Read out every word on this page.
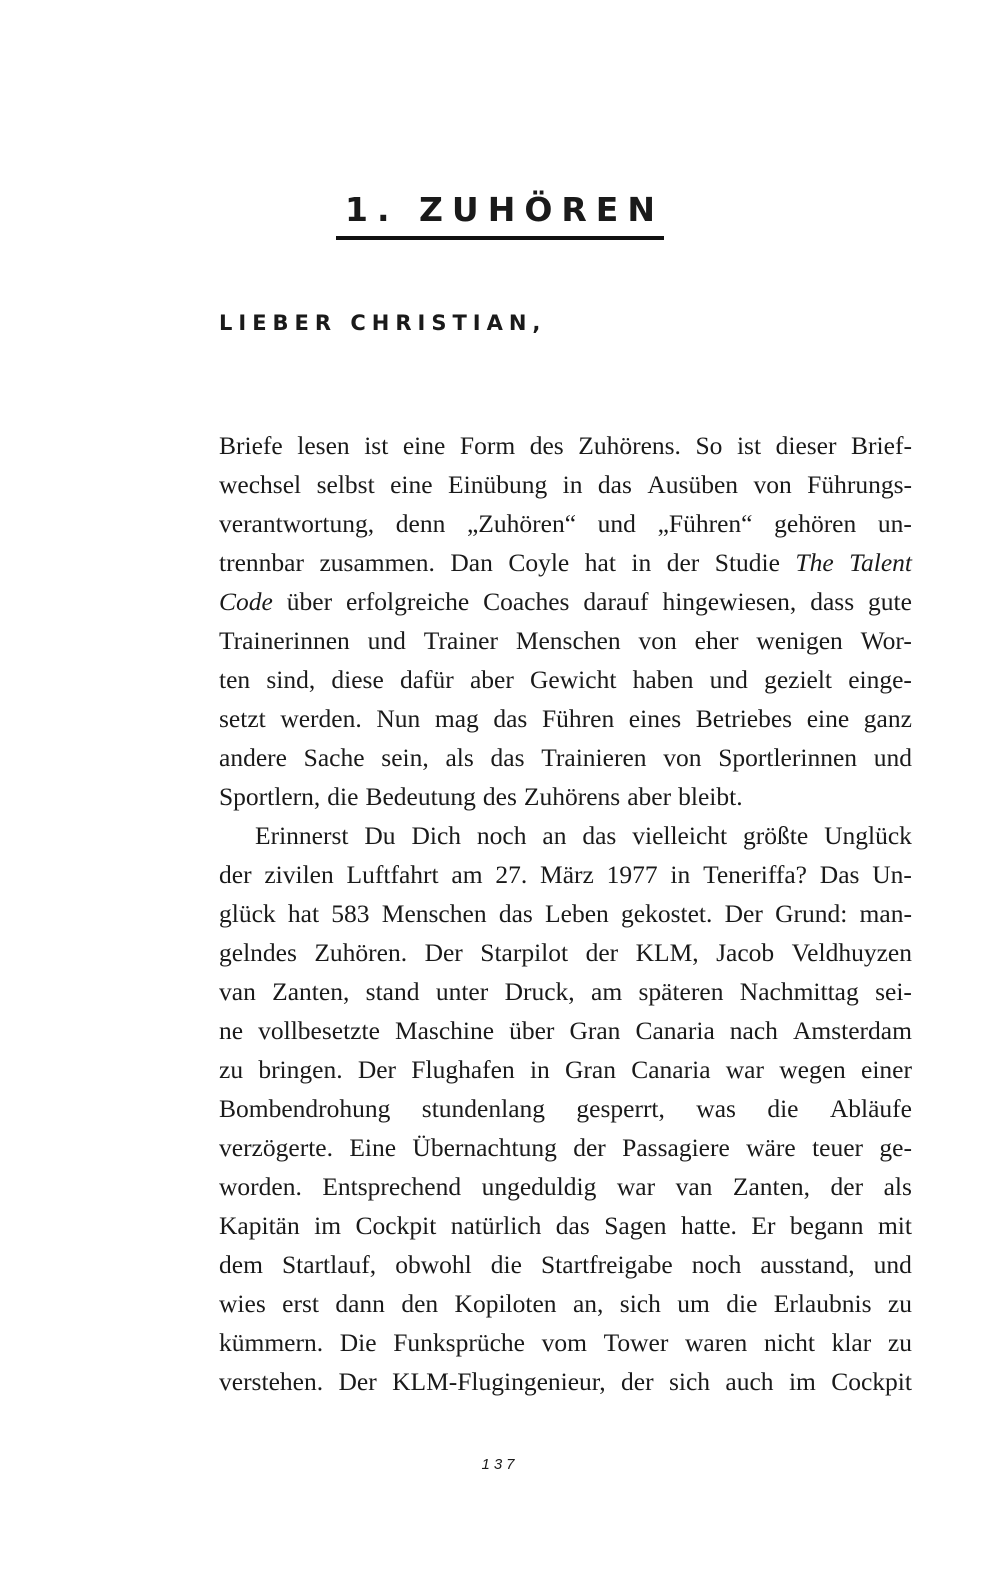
1. ZUHÖREN
LIEBER CHRISTIAN,
Briefe lesen ist eine Form des Zuhörens. So ist dieser Brief-
wechsel selbst eine Einübung in das Ausüben von Führungs-
verantwortung, denn „Zuhören“ und „Führen“ gehören un-
trennbar zusammen. Dan Coyle hat in der Studie The Talent
Code über erfolgreiche Coaches darauf hingewiesen, dass gute
Trainerinnen und Trainer Menschen von eher wenigen Wor-
ten sind, diese dafür aber Gewicht haben und gezielt einge-
setzt werden. Nun mag das Führen eines Betriebes eine ganz
andere Sache sein, als das Trainieren von Sportlerinnen und
Sportlern, die Bedeutung des Zuhörens aber bleibt.
Erinnerst Du Dich noch an das vielleicht größte Unglück
der zivilen Luftfahrt am 27. März 1977 in Teneriffa? Das Un-
glück hat 583 Menschen das Leben gekostet. Der Grund: man-
gelndes Zuhören. Der Starpilot der KLM, Jacob Veldhuyzen
van Zanten, stand unter Druck, am späteren Nachmittag sei-
ne vollbesetzte Maschine über Gran Canaria nach Amsterdam
zu bringen. Der Flughafen in Gran Canaria war wegen einer
Bombendrohung stundenlang gesperrt, was die Abläufe
verzögerte. Eine Übernachtung der Passagiere wäre teuer ge-
worden. Entsprechend ungeduldig war van Zanten, der als
Kapitän im Cockpit natürlich das Sagen hatte. Er begann mit
dem Startlauf, obwohl die Startfreigabe noch ausstand, und
wies erst dann den Kopiloten an, sich um die Erlaubnis zu
kümmern. Die Funksprüche vom Tower waren nicht klar zu
verstehen. Der KLM-Flugingenieur, der sich auch im Cockpit
137
